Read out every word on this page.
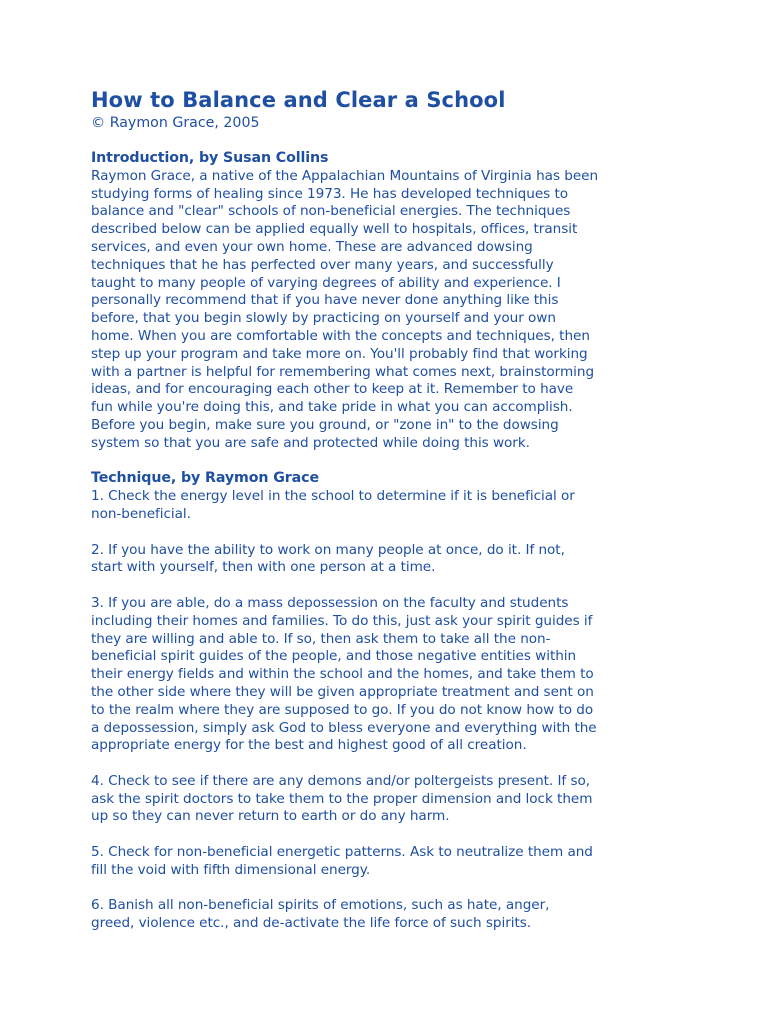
How to Balance and Clear a School

© Raymon Grace, 2005

Introduction, by Susan Collins

Raymon Grace, a native of the Appalachian Mountains of Virginia has been
studying forms of healing since 1973. He has developed techniques to
balance and "clear" schools of non-beneficial energies. The techniques
described below can be applied equally well to hospitals, offices, transit
services, and even your own home. These are advanced dowsing
techniques that he has perfected over many years, and successfully
taught to many people of varying degrees of ability and experience. I
personally recommend that if you have never done anything like this
before, that you begin slowly by practicing on yourself and your own
home. When you are comfortable with the concepts and techniques, then
step up your program and take more on. You'll probably find that working
with a partner is helpful for remembering what comes next, brainstorming
ideas, and for encouraging each other to keep at it. Remember to have
fun while you're doing this, and take pride in what you can accomplish.
Before you begin, make sure you ground, or "zone in" to the dowsing
system so that you are safe and protected while doing this work.

Technique, by Raymon Grace

1. Check the energy level in the school to determine if it is beneficial or
non-beneficial.
2. If you have the ability to work on many people at once, do it. If not,
start with yourself, then with one person at a time.
3. If you are able, do a mass depossession on the faculty and students
including their homes and families. To do this, just ask your spirit guides if
they are willing and able to. If so, then ask them to take all the non-
beneficial spirit guides of the people, and those negative entities within
their energy fields and within the school and the homes, and take them to
the other side where they will be given appropriate treatment and sent on
to the realm where they are supposed to go. If you do not know how to do
a depossession, simply ask God to bless everyone and everything with the
appropriate energy for the best and highest good of all creation.
4. Check to see if there are any demons and/or poltergeists present. If so,
ask the spirit doctors to take them to the proper dimension and lock them
up so they can never return to earth or do any harm.
5. Check for non-beneficial energetic patterns. Ask to neutralize them and
fill the void with fifth dimensional energy.
6. Banish all non-beneficial spirits of emotions, such as hate, anger,
greed, violence etc., and de-activate the life force of such spirits.
